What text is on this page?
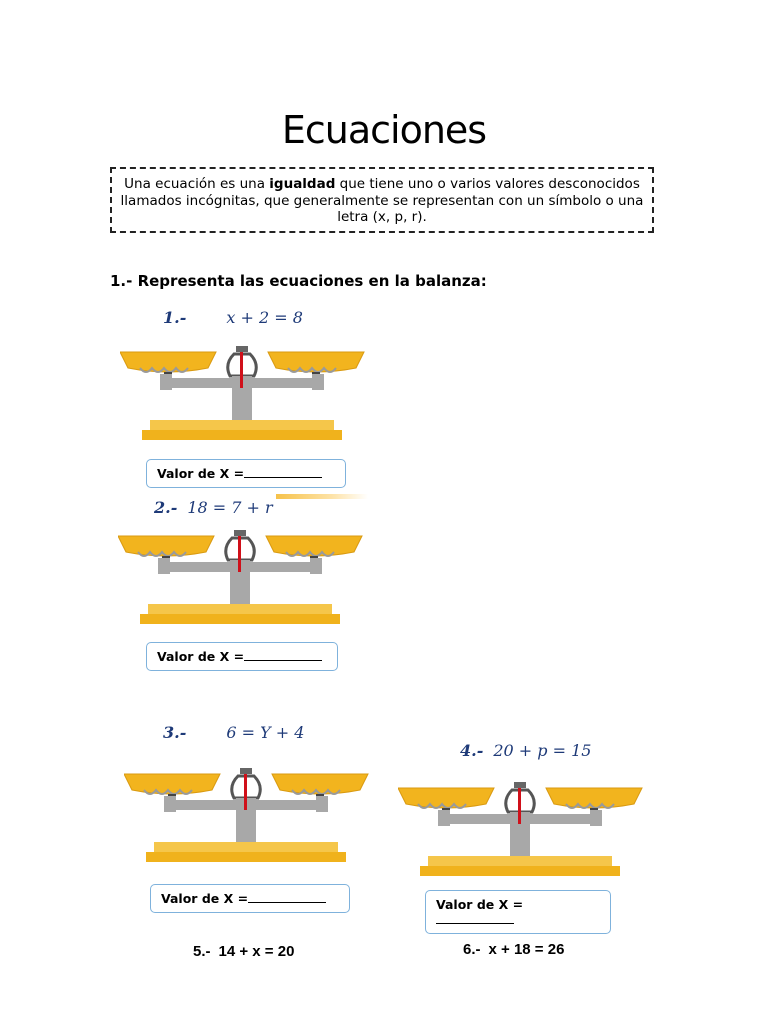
Ecuaciones
Una ecuación es una igualdad que tiene uno o varios valores desconocidos llamados incógnitas, que generalmente se representan con un símbolo o una letra (x, p, r).
1.- Representa las ecuaciones en la balanza:
1.-	x + 2 = 8
Valor de X =
2.- 18 = 7 + r
Valor de X =
3.-	6 = Y + 4
Valor de X =
4.- 20 + p = 15
Valor de X =
5.- 14 + x = 20	6.- x + 18 = 26
